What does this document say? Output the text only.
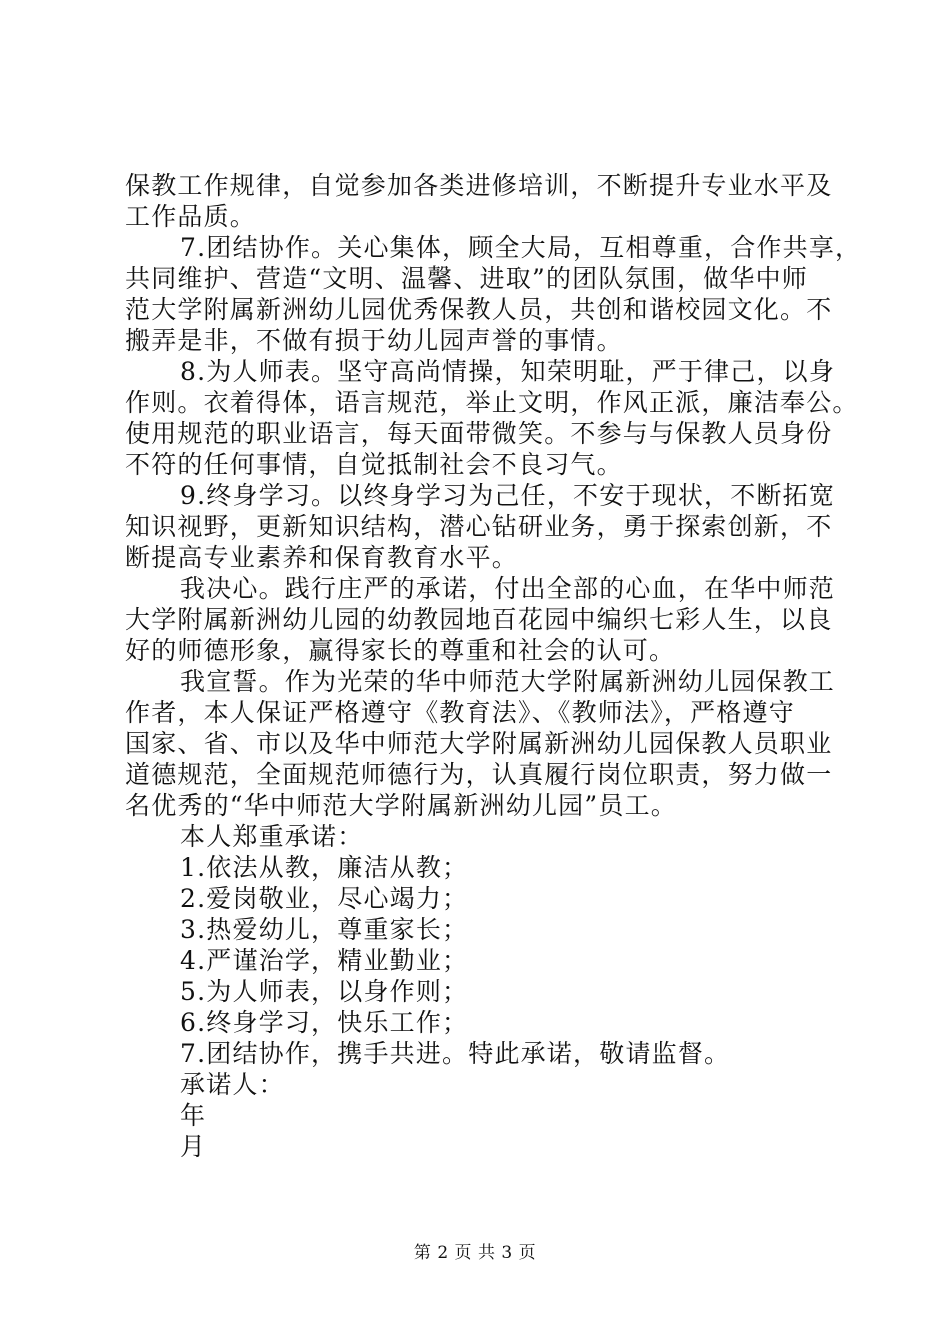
保教工作规律，自觉参加各类进修培训，不断提升专业水平及
工作品质。
7.团结协作。关心集体，顾全大局，互相尊重，合作共享，
共同维护、营造“文明、温馨、进取”的团队氛围，做华中师
范大学附属新洲幼儿园优秀保教人员，共创和谐校园文化。不
搬弄是非，不做有损于幼儿园声誉的事情。
8.为人师表。坚守高尚情操，知荣明耻，严于律己，以身
作则。衣着得体，语言规范，举止文明，作风正派，廉洁奉公。
使用规范的职业语言，每天面带微笑。不参与与保教人员身份
不符的任何事情，自觉抵制社会不良习气。
9.终身学习。以终身学习为己任，不安于现状，不断拓宽
知识视野，更新知识结构，潜心钻研业务，勇于探索创新，不
断提高专业素养和保育教育水平。
我决心。践行庄严的承诺，付出全部的心血，在华中师范
大学附属新洲幼儿园的幼教园地百花园中编织七彩人生，以良
好的师德形象，赢得家长的尊重和社会的认可。
我宣誓。作为光荣的华中师范大学附属新洲幼儿园保教工
作者，本人保证严格遵守《教育法》、《教师法》，严格遵守
国家、省、市以及华中师范大学附属新洲幼儿园保教人员职业
道德规范，全面规范师德行为，认真履行岗位职责，努力做一
名优秀的“华中师范大学附属新洲幼儿园”员工。
本人郑重承诺：
1.依法从教，廉洁从教；
2.爱岗敬业，尽心竭力；
3.热爱幼儿，尊重家长；
4.严谨治学，精业勤业；
5.为人师表，以身作则；
6.终身学习，快乐工作；
7.团结协作，携手共进。特此承诺，敬请监督。
承诺人：
年
月
第 2 页 共 3 页
